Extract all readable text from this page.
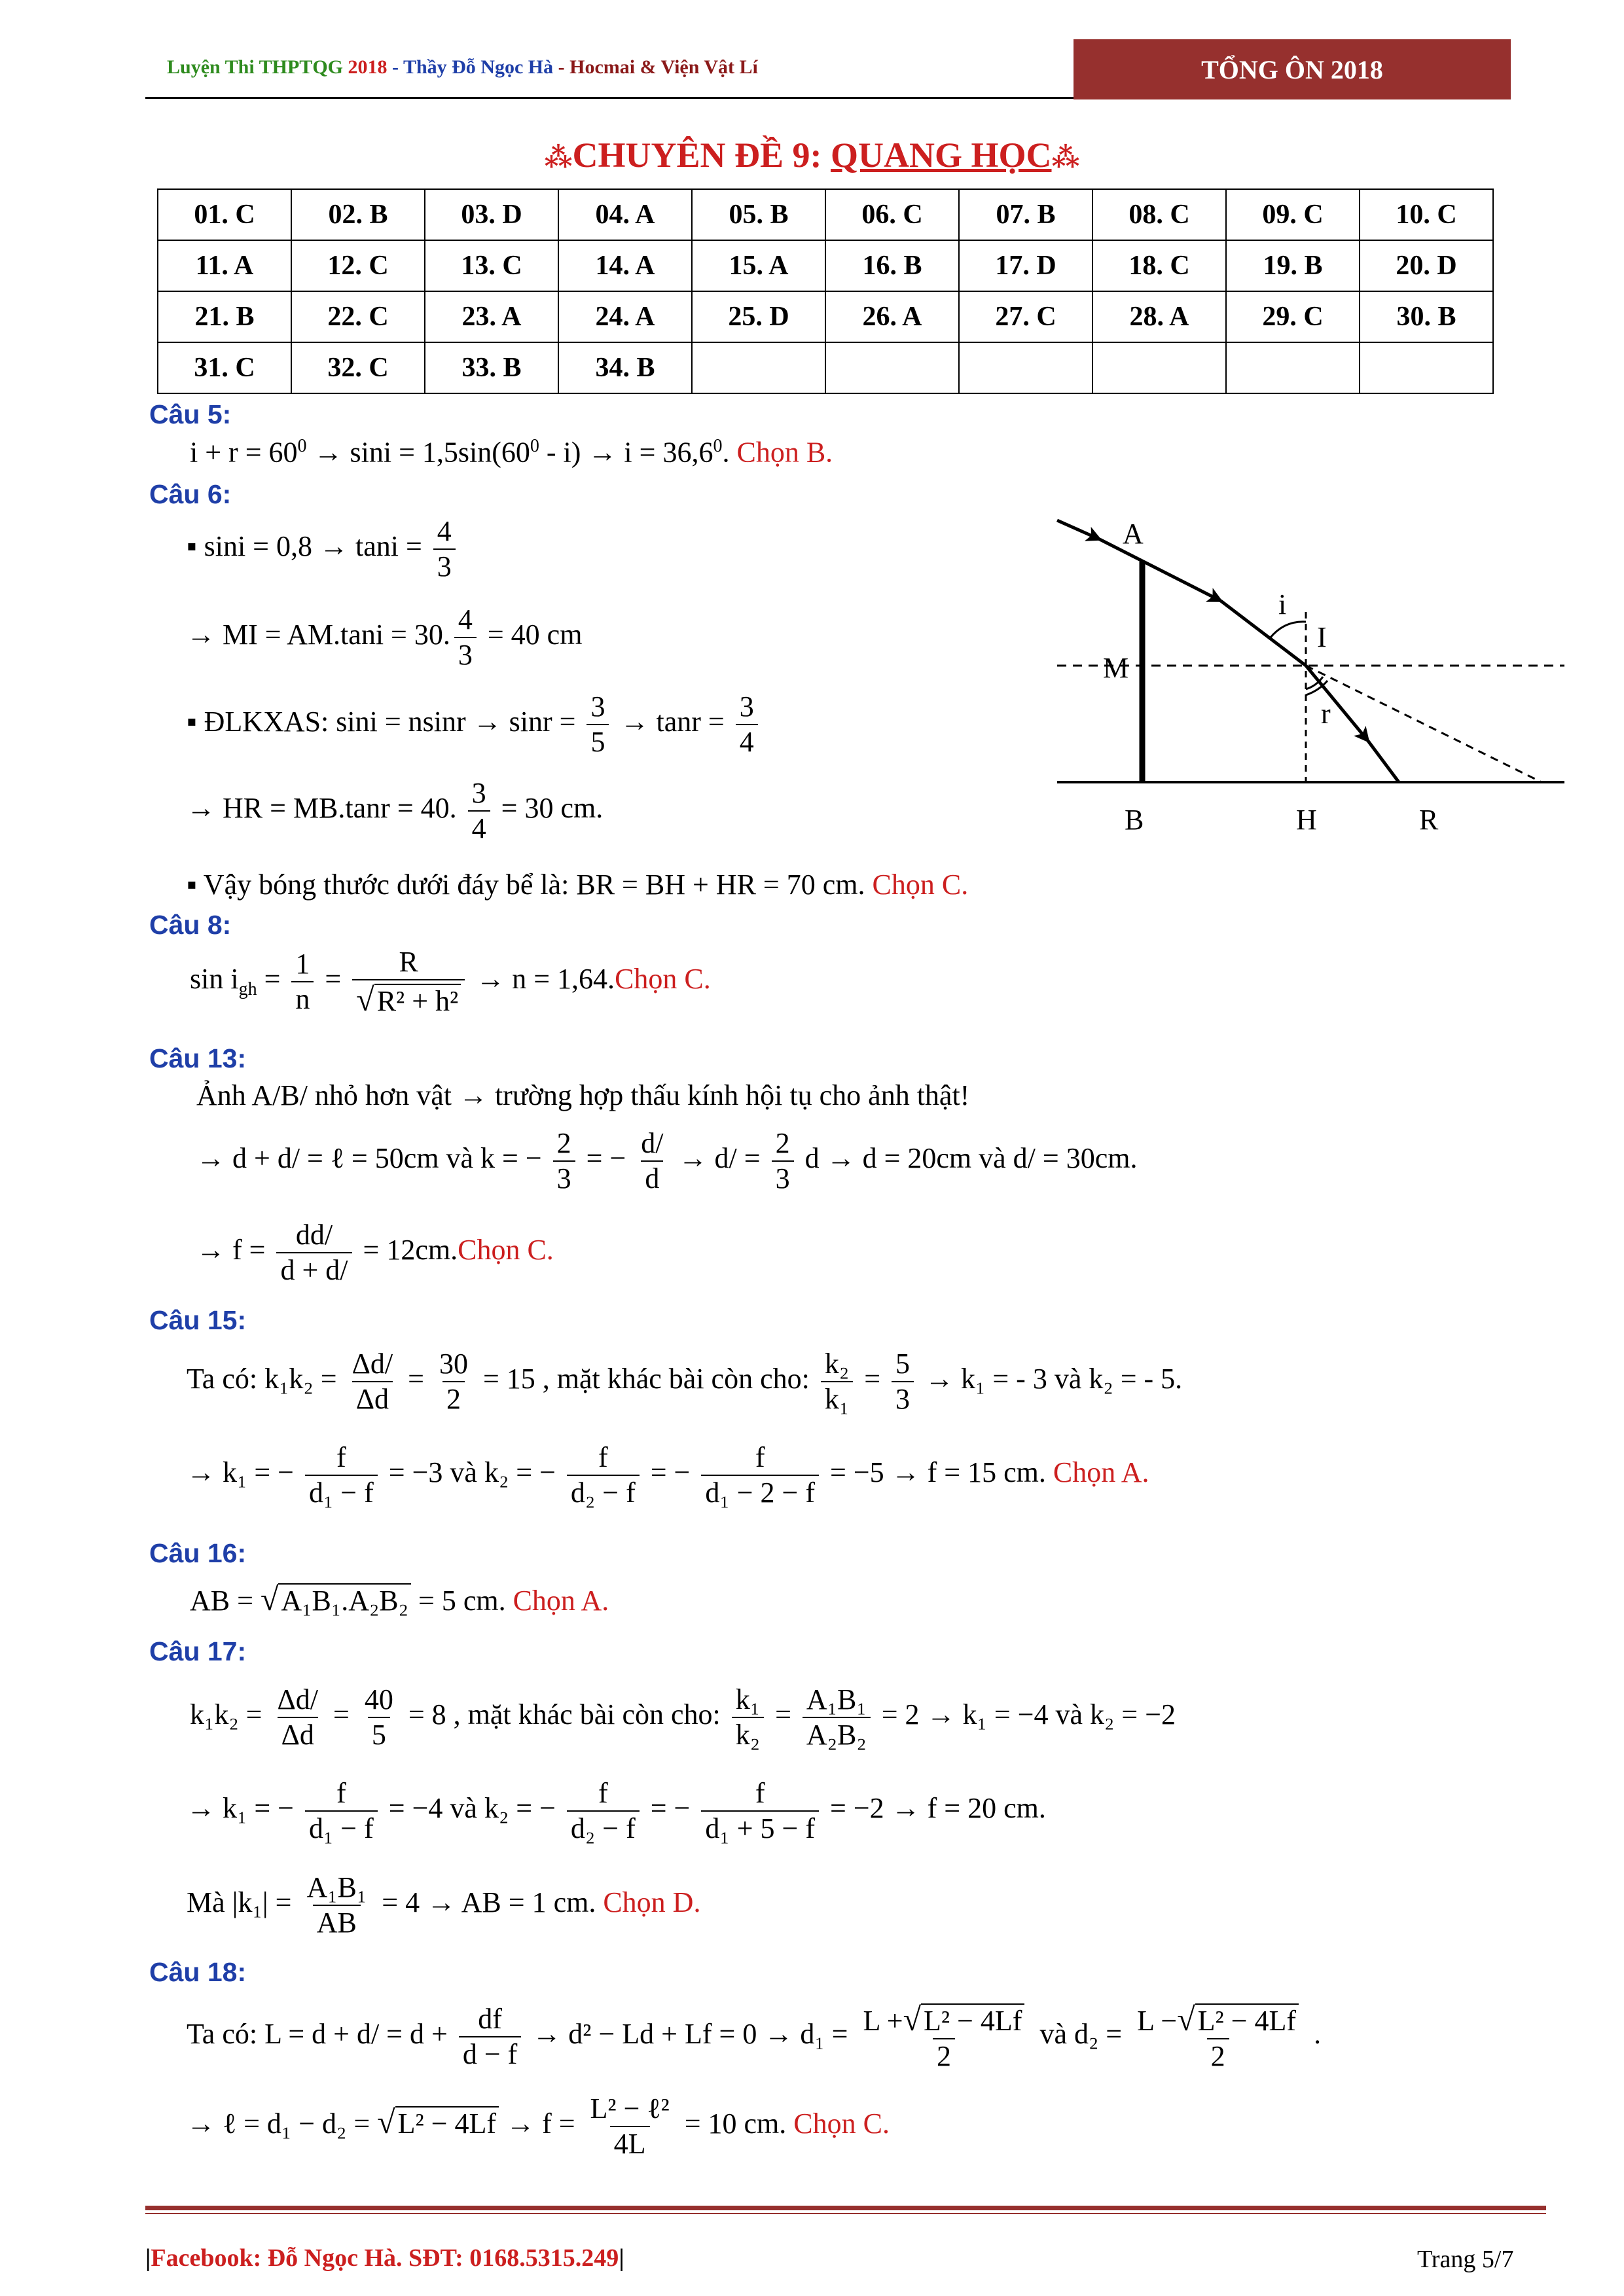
Luyện Thi THPTQG 2018 - Thầy Đỗ Ngọc Hà - Hocmai & Viện Vật Lí	TỔNG ÔN 2018
⁂CHUYÊN ĐỀ 9: QUANG HỌC⁂
01. C	02. B	03. D	04. A	05. B	06. C	07. B	08. C	09. C	10. C
11. A	12. C	13. C	14. A	15. A	16. B	17. D	18. C	19. B	20. D
21. B	22. C	23. A	24. A	25. D	26. A	27. C	28. A	29. C	30. B
31. C	32. C	33. B	34. B						
Câu 5:
$i + r = 60^0 \to \sin i = 1,5\sin(60^0 - i) \to i = 36,6^0$. Chọn B.
Câu 6:
▪ $\sin i = 0,8 \to \tan i = \frac{4}{3}$
→ MI = AM.tani = 30. $\frac{4}{3} = 40$ cm
▪ ĐLKXAS: $\sin i = nsinr \to \sin r = \frac{3}{5} \to \tan r = \frac{3}{4}$
→ HR = MB.tanr = 40. $\frac{3}{4} = 30$ cm.
▪ Vậy bóng thước dưới đáy bể là: BR = BH + HR = 70 cm. Chọn C.
A
i
I
M
r
B	H	R
Câu 8:
$\sin i_{gh} = \frac{1}{n} = \frac{R}{\text{√R² + h²}} \to n$ = 1,64.Chọn C.
Câu 13:
Ảnh A/B/ nhỏ hơn vật → trường hợp thấu kính hội tụ cho ảnh thật!
→ d + d/ = ℓ = 50cm và k = − $\frac{2}{3}$ = − $\frac{d/}{d} \to d/ = \frac{2}{3}$ d → d = 20cm và d/ = 30cm.
→ $f = \frac{dd/}{d + d/}$ = 12cm.Chọn C.
Câu 15:
Ta có: $k_1k_2 = \frac{\Delta d/}{\Delta d} = \frac{30}{2} = 15$ , mặt khác bài còn cho: $\frac{\text{k₂}}{\text{k₁}} = \frac{5}{3} \to k_1$ = - 3 và k₂ = - 5.
→ k₁ = − $\frac{f}{\text{d₁ − f}} = -3$ và k₂ = − $\frac{f}{\text{d₂ − f}}$ = − $\frac{f}{\text{d₁ − 2 − f}} = -5 \to f = 15$ cm. Chọn A.
Câu 16:
AB = √A₁B₁.A₂B₂ = 5 cm. Chọn A.
Câu 17:
$k_1k_2 = \frac{\Delta d/}{\Delta d} = \frac{40}{5} = 8$ , mặt khác bài còn cho: $\frac{\text{k₁}}{\text{k₂}} = \frac{\text{A₁B₁}}{\text{A₂B₂}} = 2 \to k_1 = -4$ và k₂ = −2
→ k₁ = − $\frac{f}{\text{d₁ − f}} = -4$ và k₂ = − $\frac{f}{\text{d₂ − f}}$ = − $\frac{f}{\text{d₁ + 5 − f}} = -2 \to f = 20$ cm.
Mà $|k_1| = \frac{\text{A₁B₁}}{AB} = 4$ → AB = 1 cm. Chọn D.
Câu 18:
Ta có: $L = d + d/ = d + \frac{df}{d - f} \to d^2 - Ld + Lf = 0 \to d_1 = \frac{\text{L +√L² − 4Lf}}{2}$ và $d_2 = \frac{\text{L −√L² − 4Lf}}{2}$ .
→ ℓ = d₁ − d₂ = √L² − 4Lf → f = L² − ℓ²
4L
= 10 cm. Chọn C.
|Facebook: Đỗ Ngọc Hà. SĐT: 0168.5315.249|	Trang 5/7
